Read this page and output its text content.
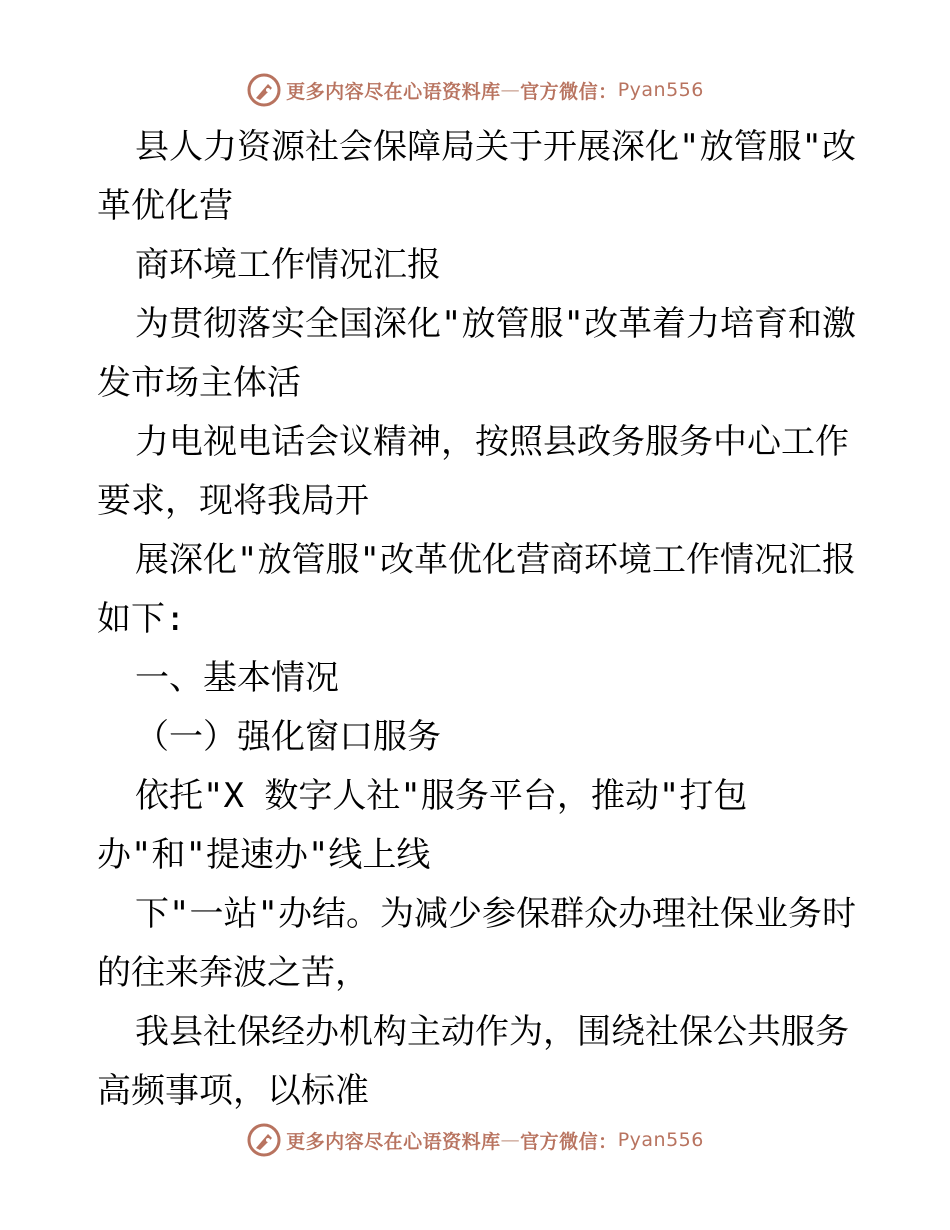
更多内容尽在心语资料库 — 官方微信： Pyan556

县人力资源社会保障局关于开展深化"放管服"改

革优化营

商环境工作情况汇报

为贯彻落实全国深化"放管服"改革着力培育和激

发市场主体活

力电视电话会议精神，按照县政务服务中心工作

要求，现将我局开

展深化"放管服"改革优化营商环境工作情况汇报

如下:

一、基本情况

（一）强化窗口服务

依托"X 数字人社"服务平台，推动"打包

办"和"提速办"线上线

下"一站"办结。为减少参保群众办理社保业务时

的往来奔波之苦，

我县社保经办机构主动作为，围绕社保公共服务

高频事项，以标准

更多内容尽在心语资料库 — 官方微信： Pyan556
